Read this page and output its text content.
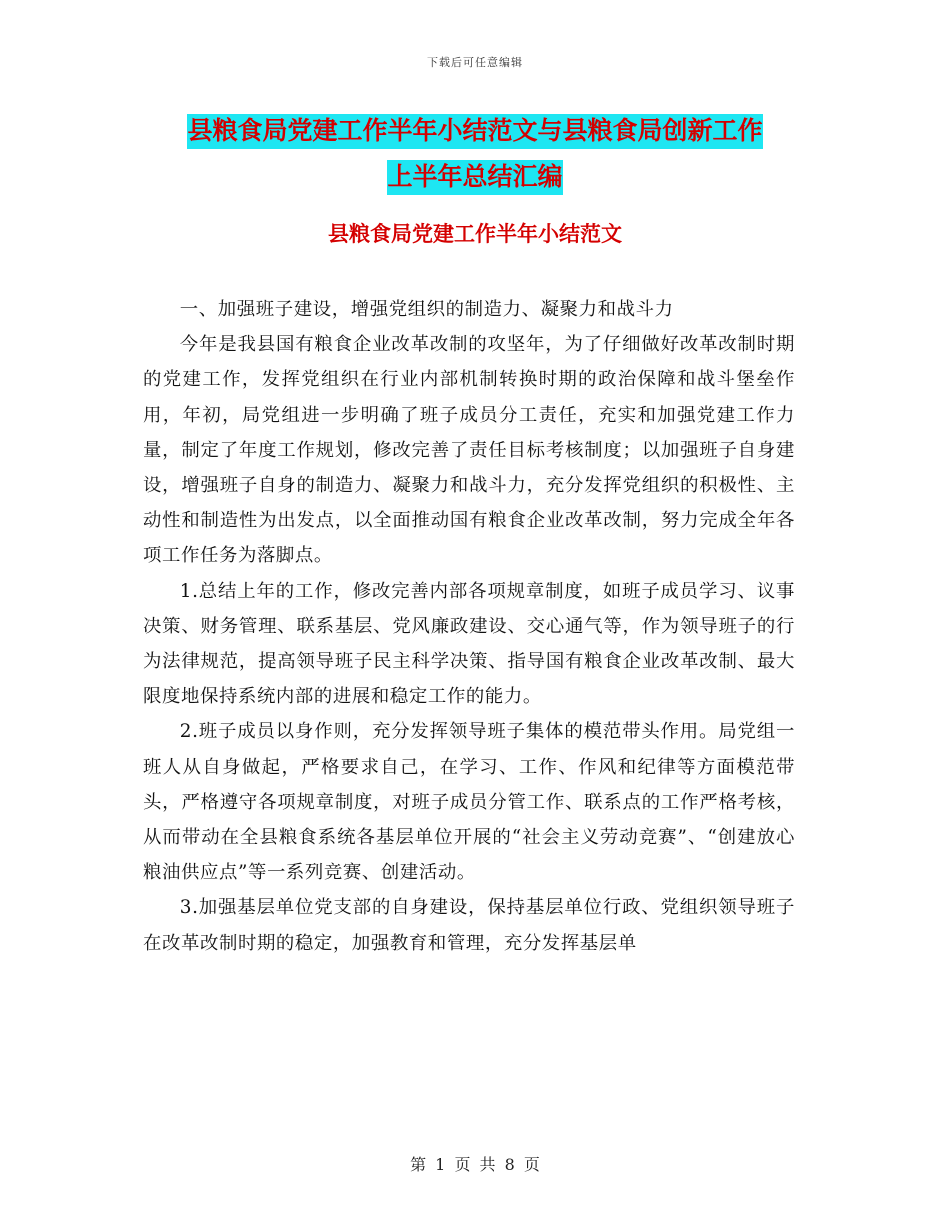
下载后可任意编辑
县粮食局党建工作半年小结范文与县粮食局创新工作
上半年总结汇编
县粮食局党建工作半年小结范文

一、加强班子建设，增强党组织的制造力、凝聚力和战斗力

今年是我县国有粮食企业改革改制的攻坚年，为了仔细做好改革改制时期的党建工作，发挥党组织在行业内部机制转换时期的政治保障和战斗堡垒作用，年初，局党组进一步明确了班子成员分工责任，充实和加强党建工作力量，制定了年度工作规划，修改完善了责任目标考核制度；以加强班子自身建设，增强班子自身的制造力、凝聚力和战斗力，充分发挥党组织的积极性、主动性和制造性为出发点，以全面推动国有粮食企业改革改制，努力完成全年各项工作任务为落脚点。

1.总结上年的工作，修改完善内部各项规章制度，如班子成员学习、议事决策、财务管理、联系基层、党风廉政建设、交心通气等，作为领导班子的行为法律规范，提高领导班子民主科学决策、指导国有粮食企业改革改制、最大限度地保持系统内部的进展和稳定工作的能力。

2.班子成员以身作则，充分发挥领导班子集体的模范带头作用。局党组一班人从自身做起，严格要求自己，在学习、工作、作风和纪律等方面模范带头，严格遵守各项规章制度，对班子成员分管工作、联系点的工作严格考核，从而带动在全县粮食系统各基层单位开展的“社会主义劳动竞赛”、“创建放心粮油供应点”等一系列竞赛、创建活动。

3.加强基层单位党支部的自身建设，保持基层单位行政、党组织领导班子在改革改制时期的稳定，加强教育和管理，充分发挥基层单

第 1 页 共 8 页
